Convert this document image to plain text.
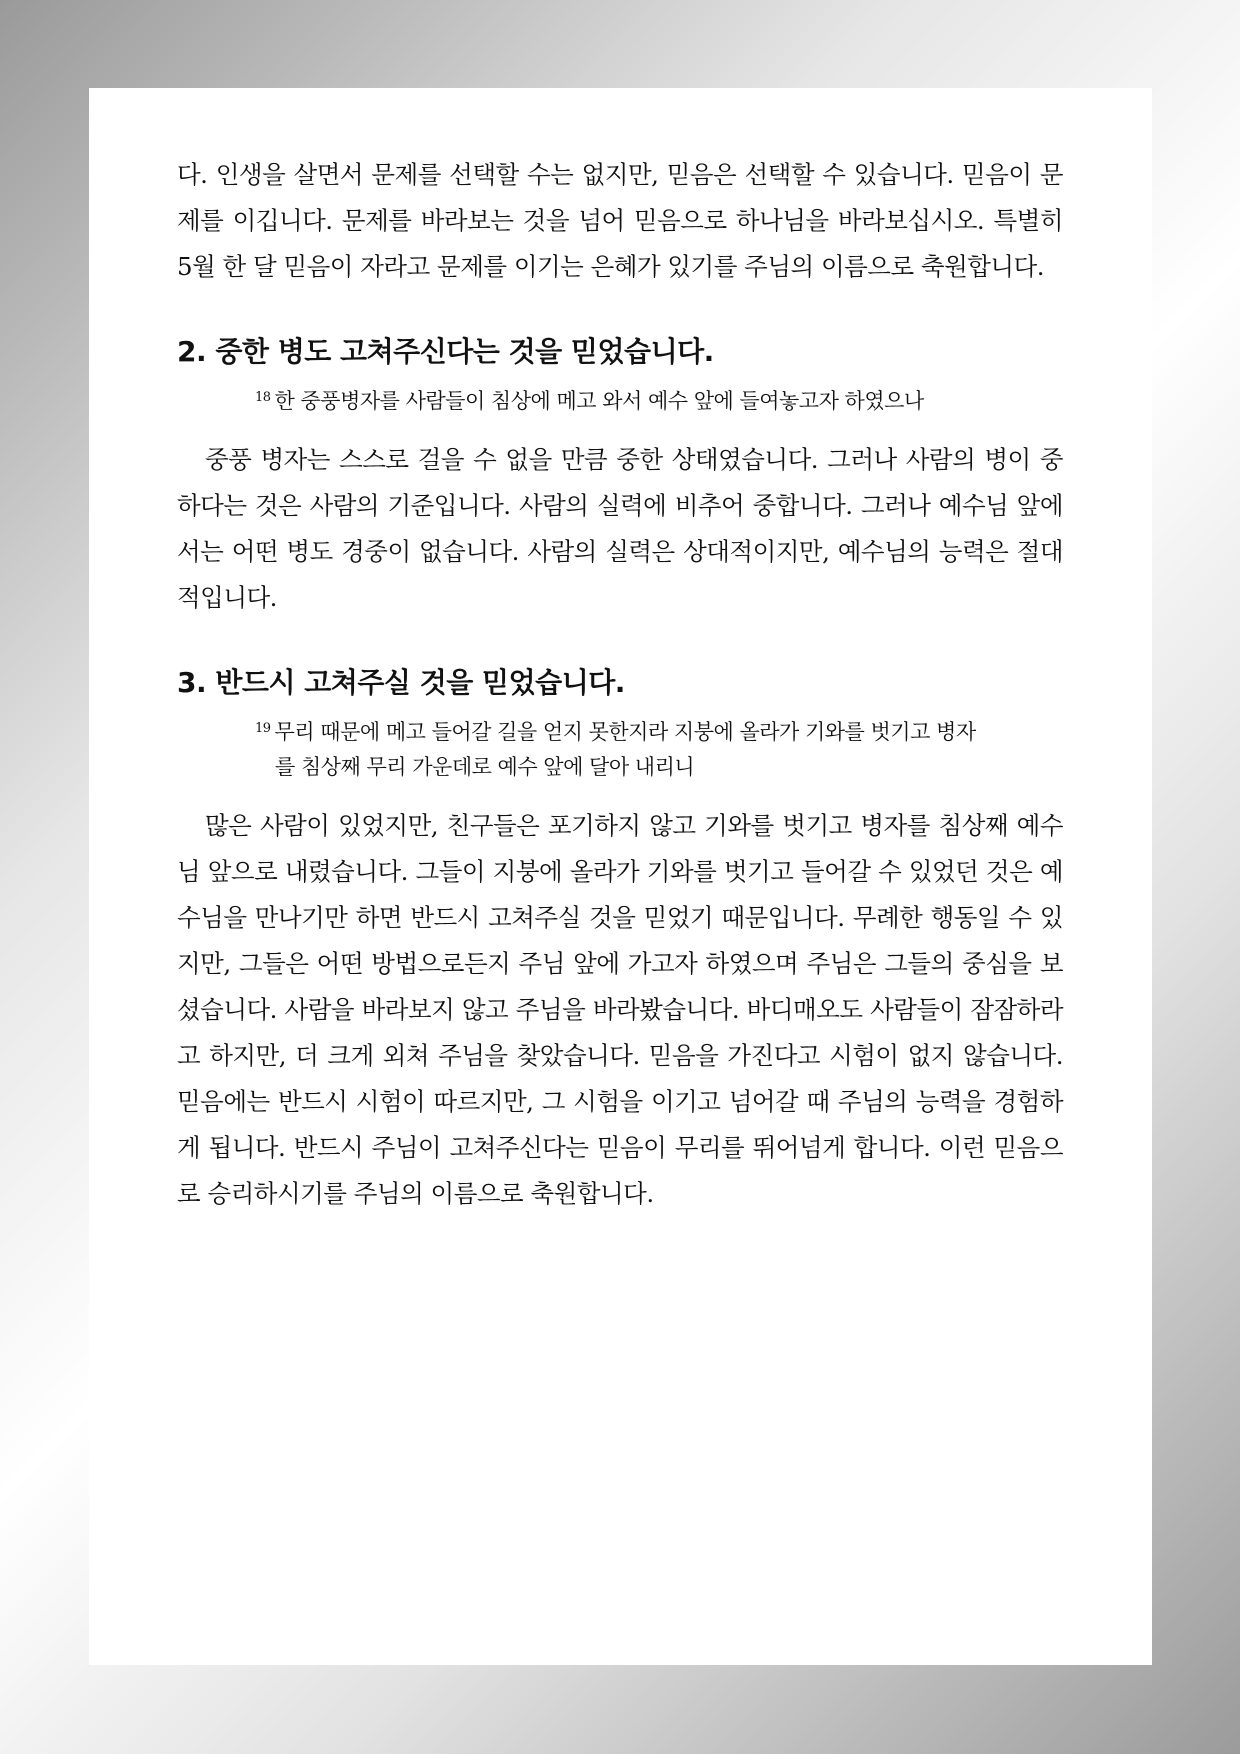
다. 인생을 살면서 문제를 선택할 수는 없지만, 믿음은 선택할 수 있습니다. 믿음이 문제를 이깁니다. 문제를 바라보는 것을 넘어 믿음으로 하나님을 바라보십시오. 특별히 5월 한 달 믿음이 자라고 문제를 이기는 은혜가 있기를 주님의 이름으로 축원합니다.

2. 중한 병도 고쳐주신다는 것을 믿었습니다.

$^{18}$ 한 중풍병자를 사람들이 침상에 메고 와서 예수 앞에 들여놓고자 하였으나

중풍 병자는 스스로 걸을 수 없을 만큼 중한 상태였습니다. 그러나 사람의 병이 중하다는 것은 사람의 기준입니다. 사람의 실력에 비추어 중합니다. 그러나 예수님 앞에서는 어떤 병도 경중이 없습니다. 사람의 실력은 상대적이지만, 예수님의 능력은 절대적입니다.

3. 반드시 고쳐주실 것을 믿었습니다.

$^{19}$ 무리 때문에 메고 들어갈 길을 얻지 못한지라 지붕에 올라가 기와를 벗기고 병자를 침상째 무리 가운데로 예수 앞에 달아 내리니

많은 사람이 있었지만, 친구들은 포기하지 않고 기와를 벗기고 병자를 침상째 예수님 앞으로 내렸습니다. 그들이 지붕에 올라가 기와를 벗기고 들어갈 수 있었던 것은 예수님을 만나기만 하면 반드시 고쳐주실 것을 믿었기 때문입니다. 무례한 행동일 수 있지만, 그들은 어떤 방법으로든지 주님 앞에 가고자 하였으며 주님은 그들의 중심을 보셨습니다. 사람을 바라보지 않고 주님을 바라봤습니다. 바디매오도 사람들이 잠잠하라고 하지만, 더 크게 외쳐 주님을 찾았습니다. 믿음을 가진다고 시험이 없지 않습니다. 믿음에는 반드시 시험이 따르지만, 그 시험을 이기고 넘어갈 때 주님의 능력을 경험하게 됩니다. 반드시 주님이 고쳐주신다는 믿음이 무리를 뛰어넘게 합니다. 이런 믿음으로 승리하시기를 주님의 이름으로 축원합니다.
